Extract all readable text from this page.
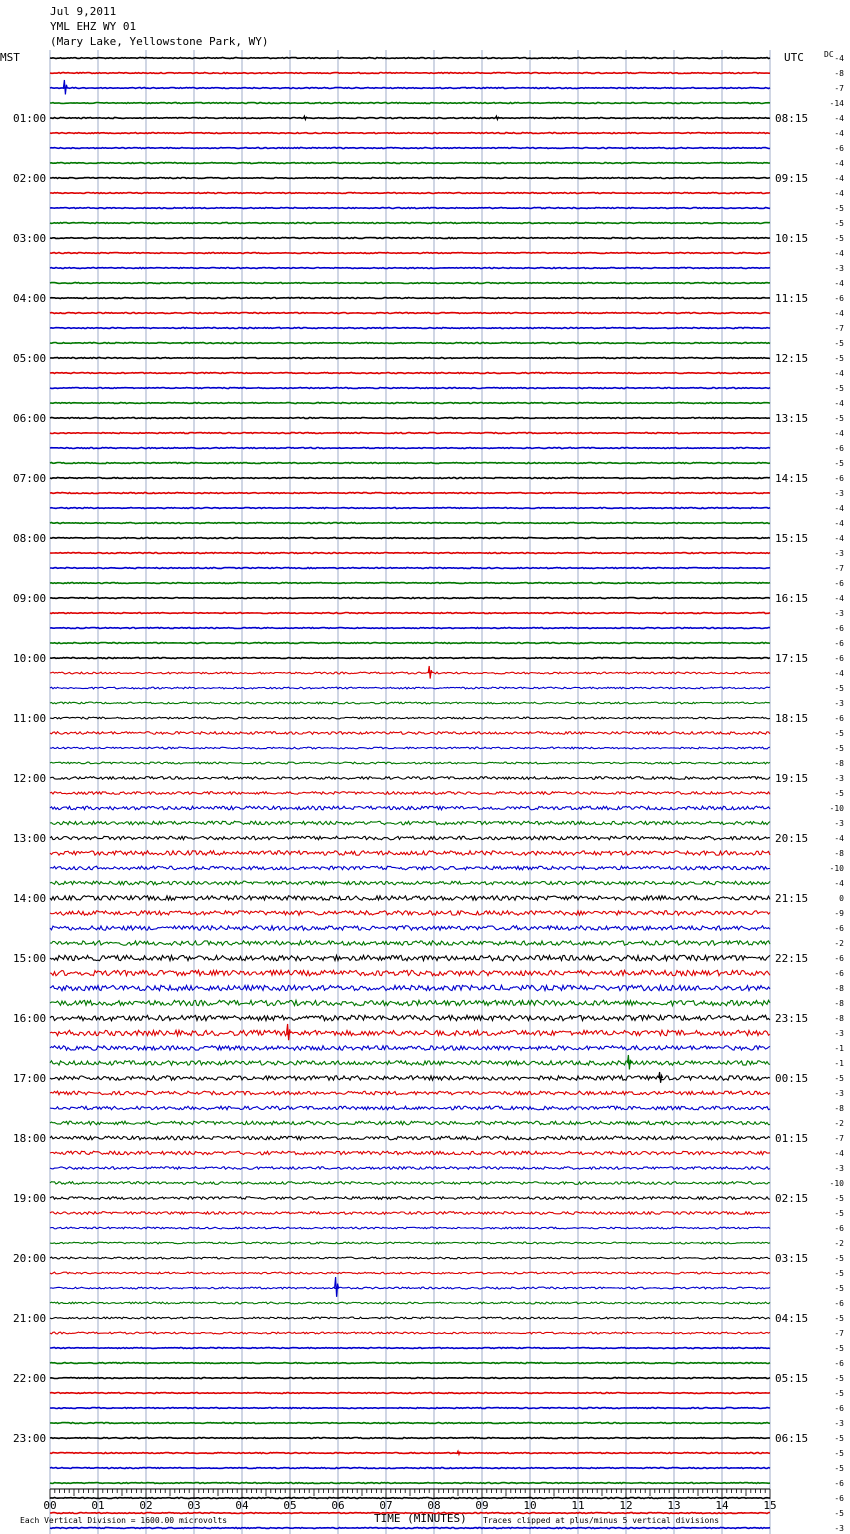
Jul 9,2011
YML EHZ WY 01
(Mary Lake, Yellowstone Park, WY)
MST	UTC	DC
01:00
02:00
03:00
04:00
05:00
06:00
07:00
08:00
09:00
10:00
11:00
12:00
13:00
14:00
15:00
16:00
17:00
18:00
19:00
20:00
21:00
22:00
23:00
08:15
09:15
10:15
11:15
12:15
13:15
14:15
15:15
16:15
17:15
18:15
19:15
20:15
21:15
22:15
23:15
00:15
01:15
02:15
03:15
04:15
05:15
06:15
-4
-8
-7
-14
-4
-4
-6
-4
-4
-4
-5
-5
-5
-4
-3
-4
-6
-4
-7
-5
-5
-4
-5
-4
-5
-4
-6
-5
-6
-3
-4
-4
-4
-3
-7
-6
-4
-3
-6
-6
-6
-4
-5
-3
-6
-5
-5
-8
-3
-5
-10
-3
-4
-8
-10
-4
0
-9
-6
-2
-6
-6
-8
-8
-8
-3
-1
-1
-5
-3
-8
-2
-7
-4
-3
-10
-5
-5
-6
-2
-5
-5
-5
-6
-5
-7
-5
-6
-5
-5
-6
-3
-5
-5
-5
-6
-6
-5
-3
00	01	02	03	04	05	06	07	08	09	10	11	12	13	14	15
Each Vertical Division = 1600.00 microvolts	TIME (MINUTES) Traces clipped at plus/minus 5 vertical divisions
